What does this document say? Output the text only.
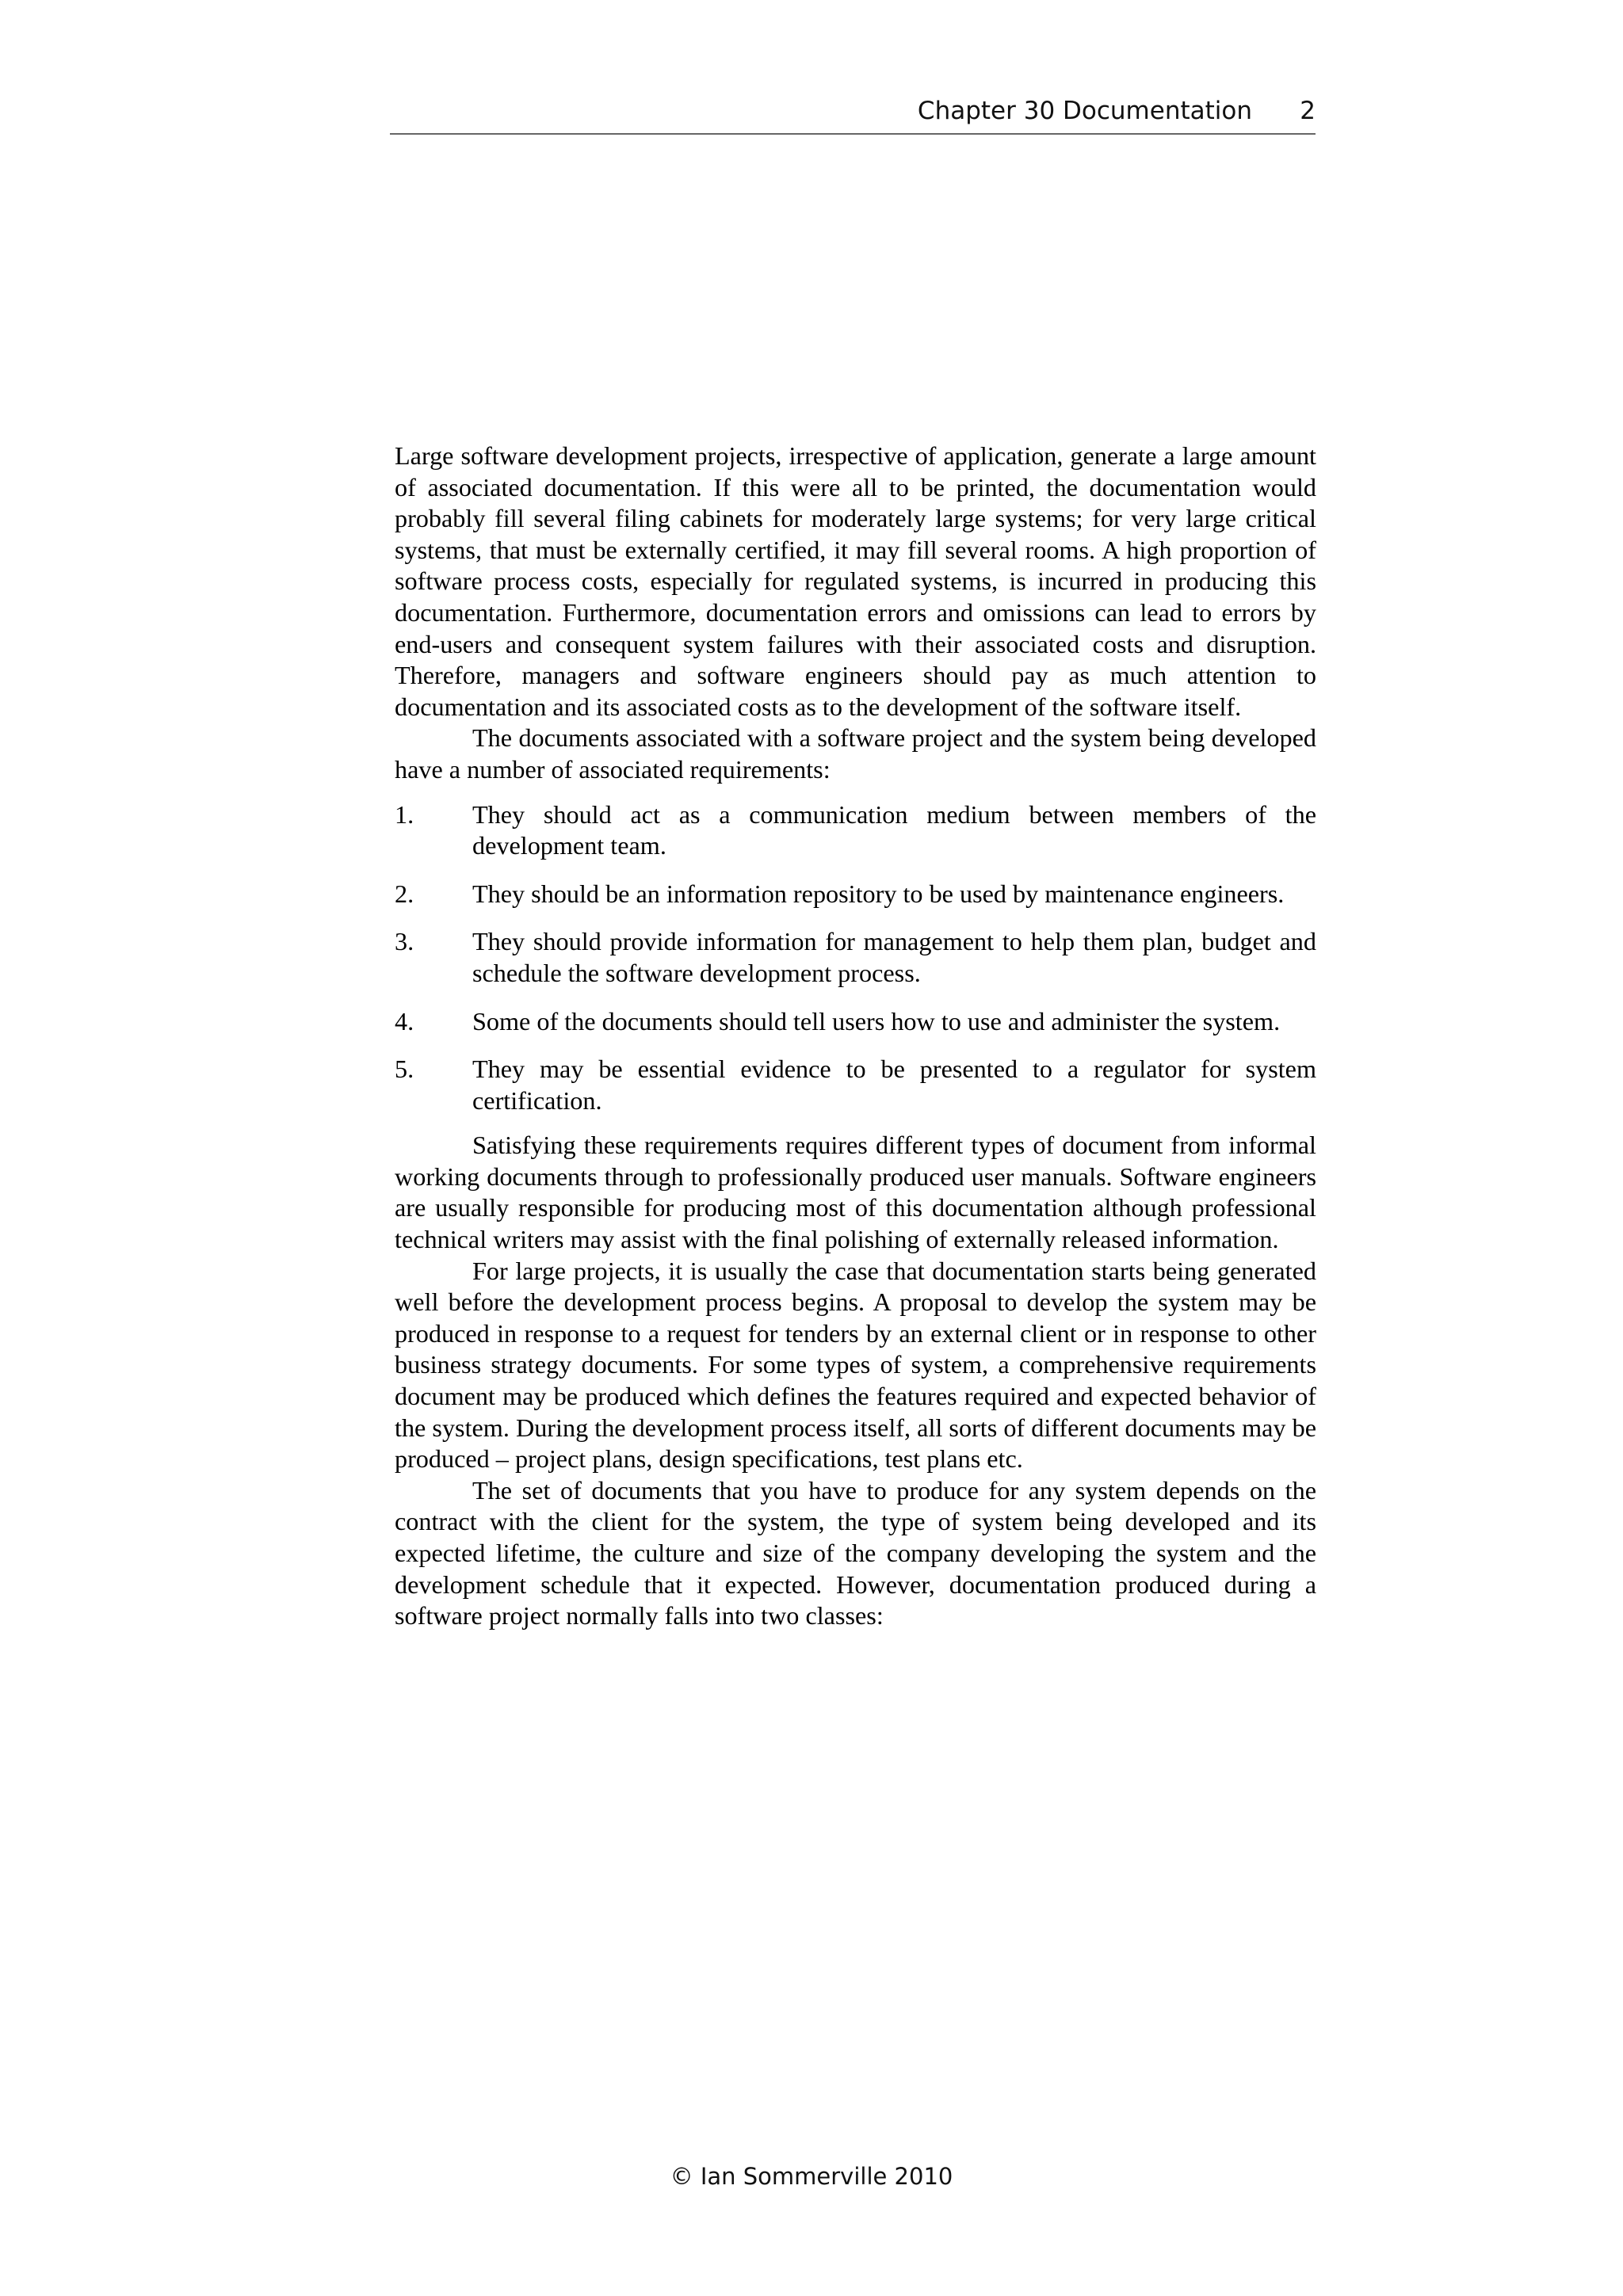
Chapter 30 Documentation 2

Large software development projects, irrespective of application, generate a large amount of associated documentation. If this were all to be printed, the documentation would probably fill several filing cabinets for moderately large systems; for very large critical systems, that must be externally certified, it may fill several rooms. A high proportion of software process costs, especially for regulated systems, is incurred in producing this documentation. Furthermore, documentation errors and omissions can lead to errors by end-users and consequent system failures with their associated costs and disruption. Therefore, managers and software engineers should pay as much attention to documentation and its associated costs as to the development of the software itself.

The documents associated with a software project and the system being developed have a number of associated requirements:

1. They should act as a communication medium between members of the development team.
2. They should be an information repository to be used by maintenance engineers.
3. They should provide information for management to help them plan, budget and schedule the software development process.
4. Some of the documents should tell users how to use and administer the system.
5. They may be essential evidence to be presented to a regulator for system certification.

Satisfying these requirements requires different types of document from informal working documents through to professionally produced user manuals. Software engineers are usually responsible for producing most of this documentation although professional technical writers may assist with the final polishing of externally released information.

For large projects, it is usually the case that documentation starts being generated well before the development process begins. A proposal to develop the system may be produced in response to a request for tenders by an external client or in response to other business strategy documents. For some types of system, a comprehensive requirements document may be produced which defines the features required and expected behavior of the system. During the development process itself, all sorts of different documents may be produced – project plans, design specifications, test plans etc.

The set of documents that you have to produce for any system depends on the contract with the client for the system, the type of system being developed and its expected lifetime, the culture and size of the company developing the system and the development schedule that it expected. However, documentation produced during a software project normally falls into two classes:

© Ian Sommerville 2010
